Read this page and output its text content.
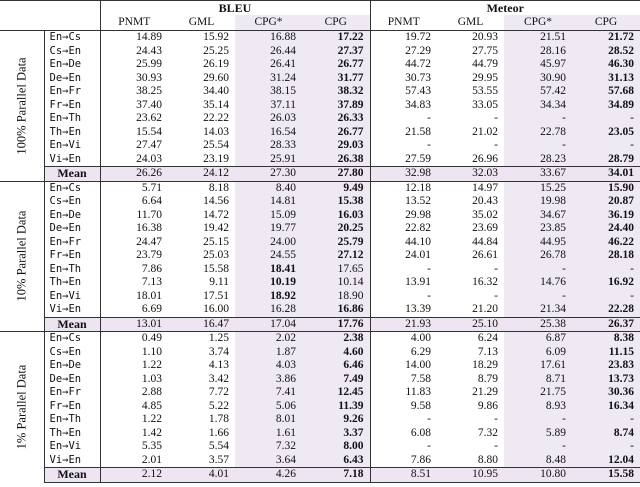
		BLEU				Meteor			
		PNMT	GML	CPG*	CPG	PNMT	GML	CPG*	CPG

100% Parallel Data	En→Cs	14.89	15.92	16.88	17.22	19.72	20.93	21.51	21.72
	Cs→En	24.43	25.25	26.44	27.37	27.29	27.75	28.16	28.52
	En→De	25.99	26.19	26.41	26.77	44.72	44.79	45.97	46.30
	De→En	30.93	29.60	31.24	31.77	30.73	29.95	30.90	31.13
	En→Fr	38.25	34.40	38.15	38.32	57.43	53.55	57.42	57.68
	Fr→En	37.40	35.14	37.11	37.89	34.83	33.05	34.34	34.89
	En→Th	23.62	22.22	26.03	26.33	-	-	-	-
	Th→En	15.54	14.03	16.54	26.77	21.58	21.02	22.78	23.05
	En→Vi	27.47	25.54	28.33	29.03	-	-	-	-
	Vi→En	24.03	23.19	25.91	26.38	27.59	26.96	28.23	28.79
	Mean	26.26	24.12	27.30	27.80	32.98	32.03	33.67	34.01

10% Parallel Data	En→Cs	5.71	8.18	8.40	9.49	12.18	14.97	15.25	15.90
	Cs→En	6.64	14.56	14.81	15.38	13.52	20.43	19.98	20.87
	En→De	11.70	14.72	15.09	16.03	29.98	35.02	34.67	36.19
	De→En	16.38	19.42	19.77	20.25	22.82	23.69	23.85	24.40
	En→Fr	24.47	25.15	24.00	25.79	44.10	44.84	44.95	46.22
	Fr→En	23.79	25.03	24.55	27.12	24.01	26.61	26.78	28.18
	En→Th	7.86	15.58	18.41	17.65	-	-	-	-
	Th→En	7.13	9.11	10.19	10.14	13.91	16.32	14.76	16.92
	En→Vi	18.01	17.51	18.92	18.90	-	-	-	-
	Vi→En	6.69	16.00	16.28	16.86	13.39	21.20	21.34	22.28
	Mean	13.01	16.47	17.04	17.76	21.93	25.10	25.38	26.37

1% Parallel Data	En→Cs	0.49	1.25	2.02	2.38	4.00	6.24	6.87	8.38
	Cs→En	1.10	3.74	1.87	4.60	6.29	7.13	6.09	11.15
	En→De	1.22	4.13	4.03	6.46	14.00	18.29	17.61	23.83
	De→En	1.03	3.42	3.86	7.49	7.58	8.79	8.71	13.73
	En→Fr	2.88	7.72	7.41	12.45	11.83	21.29	21.75	30.36
	Fr→En	4.85	5.22	5.06	11.39	9.58	9.86	8.93	16.34
	En→Th	1.22	1.78	8.01	9.26	-	-	-	-
	Th→En	1.42	1.66	1.61	3.37	6.08	7.32	5.89	8.74
	En→Vi	5.35	5.54	7.32	8.00	-	-	-	-
	Vi→En	2.01	3.57	3.64	6.43	7.86	8.80	8.48	12.04
	Mean	2.12	4.01	4.26	7.18	8.51	10.95	10.80	15.58
